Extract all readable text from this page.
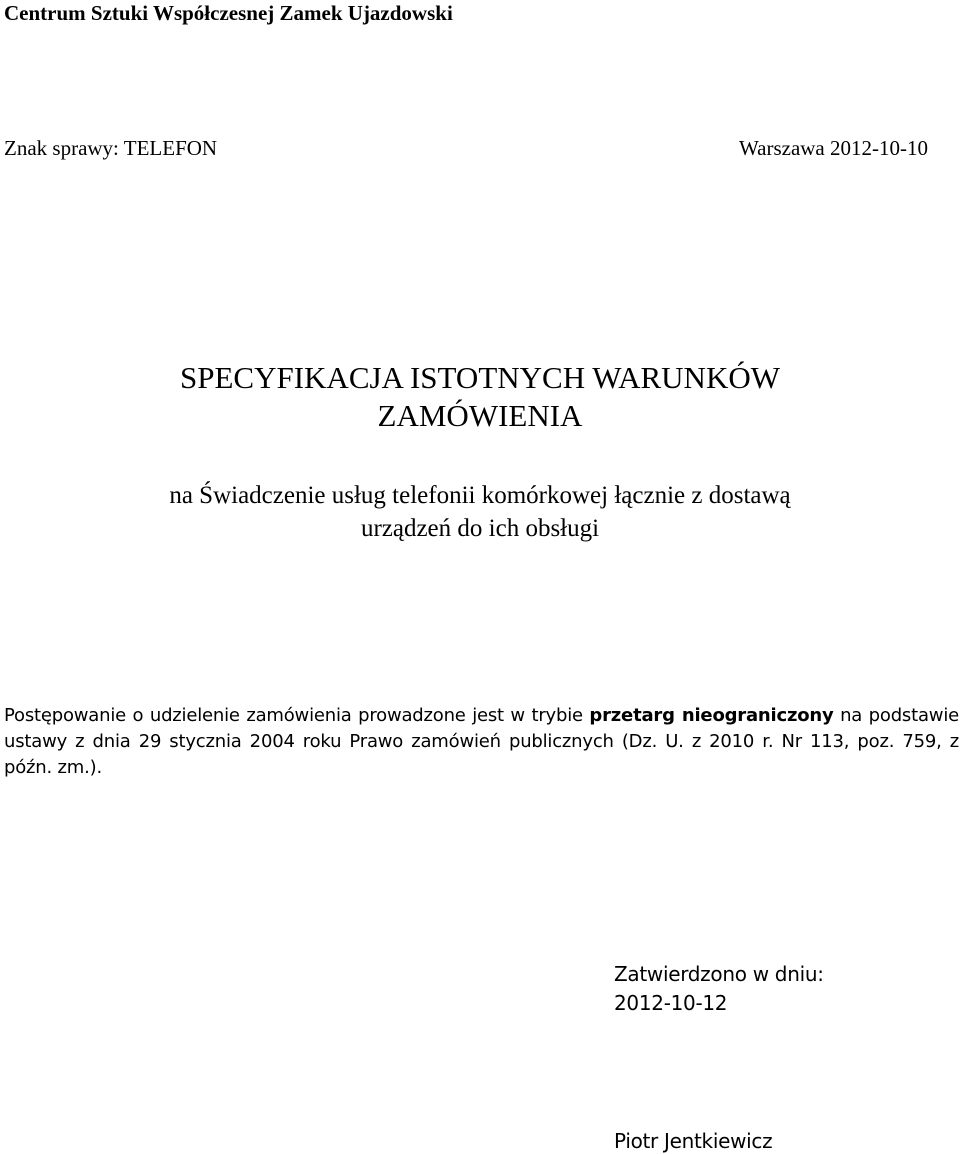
Centrum Sztuki Współczesnej Zamek Ujazdowski
Znak sprawy: TELEFON	Warszawa 2012-10-10
SPECYFIKACJA ISTOTNYCH WARUNKÓW
ZAMÓWIENIA
na Świadczenie usług telefonii komórkowej łącznie z dostawą
urządzeń do ich obsługi
Postępowanie o udzielenie zamówienia prowadzone jest w trybie przetarg nieograniczony na podstawie ustawy z dnia 29 stycznia 2004 roku Prawo zamówień publicznych (Dz. U. z 2010 r. Nr 113, poz. 759, z późn. zm.).
Zatwierdzono w dniu:
2012-10-12
Piotr Jentkiewicz
